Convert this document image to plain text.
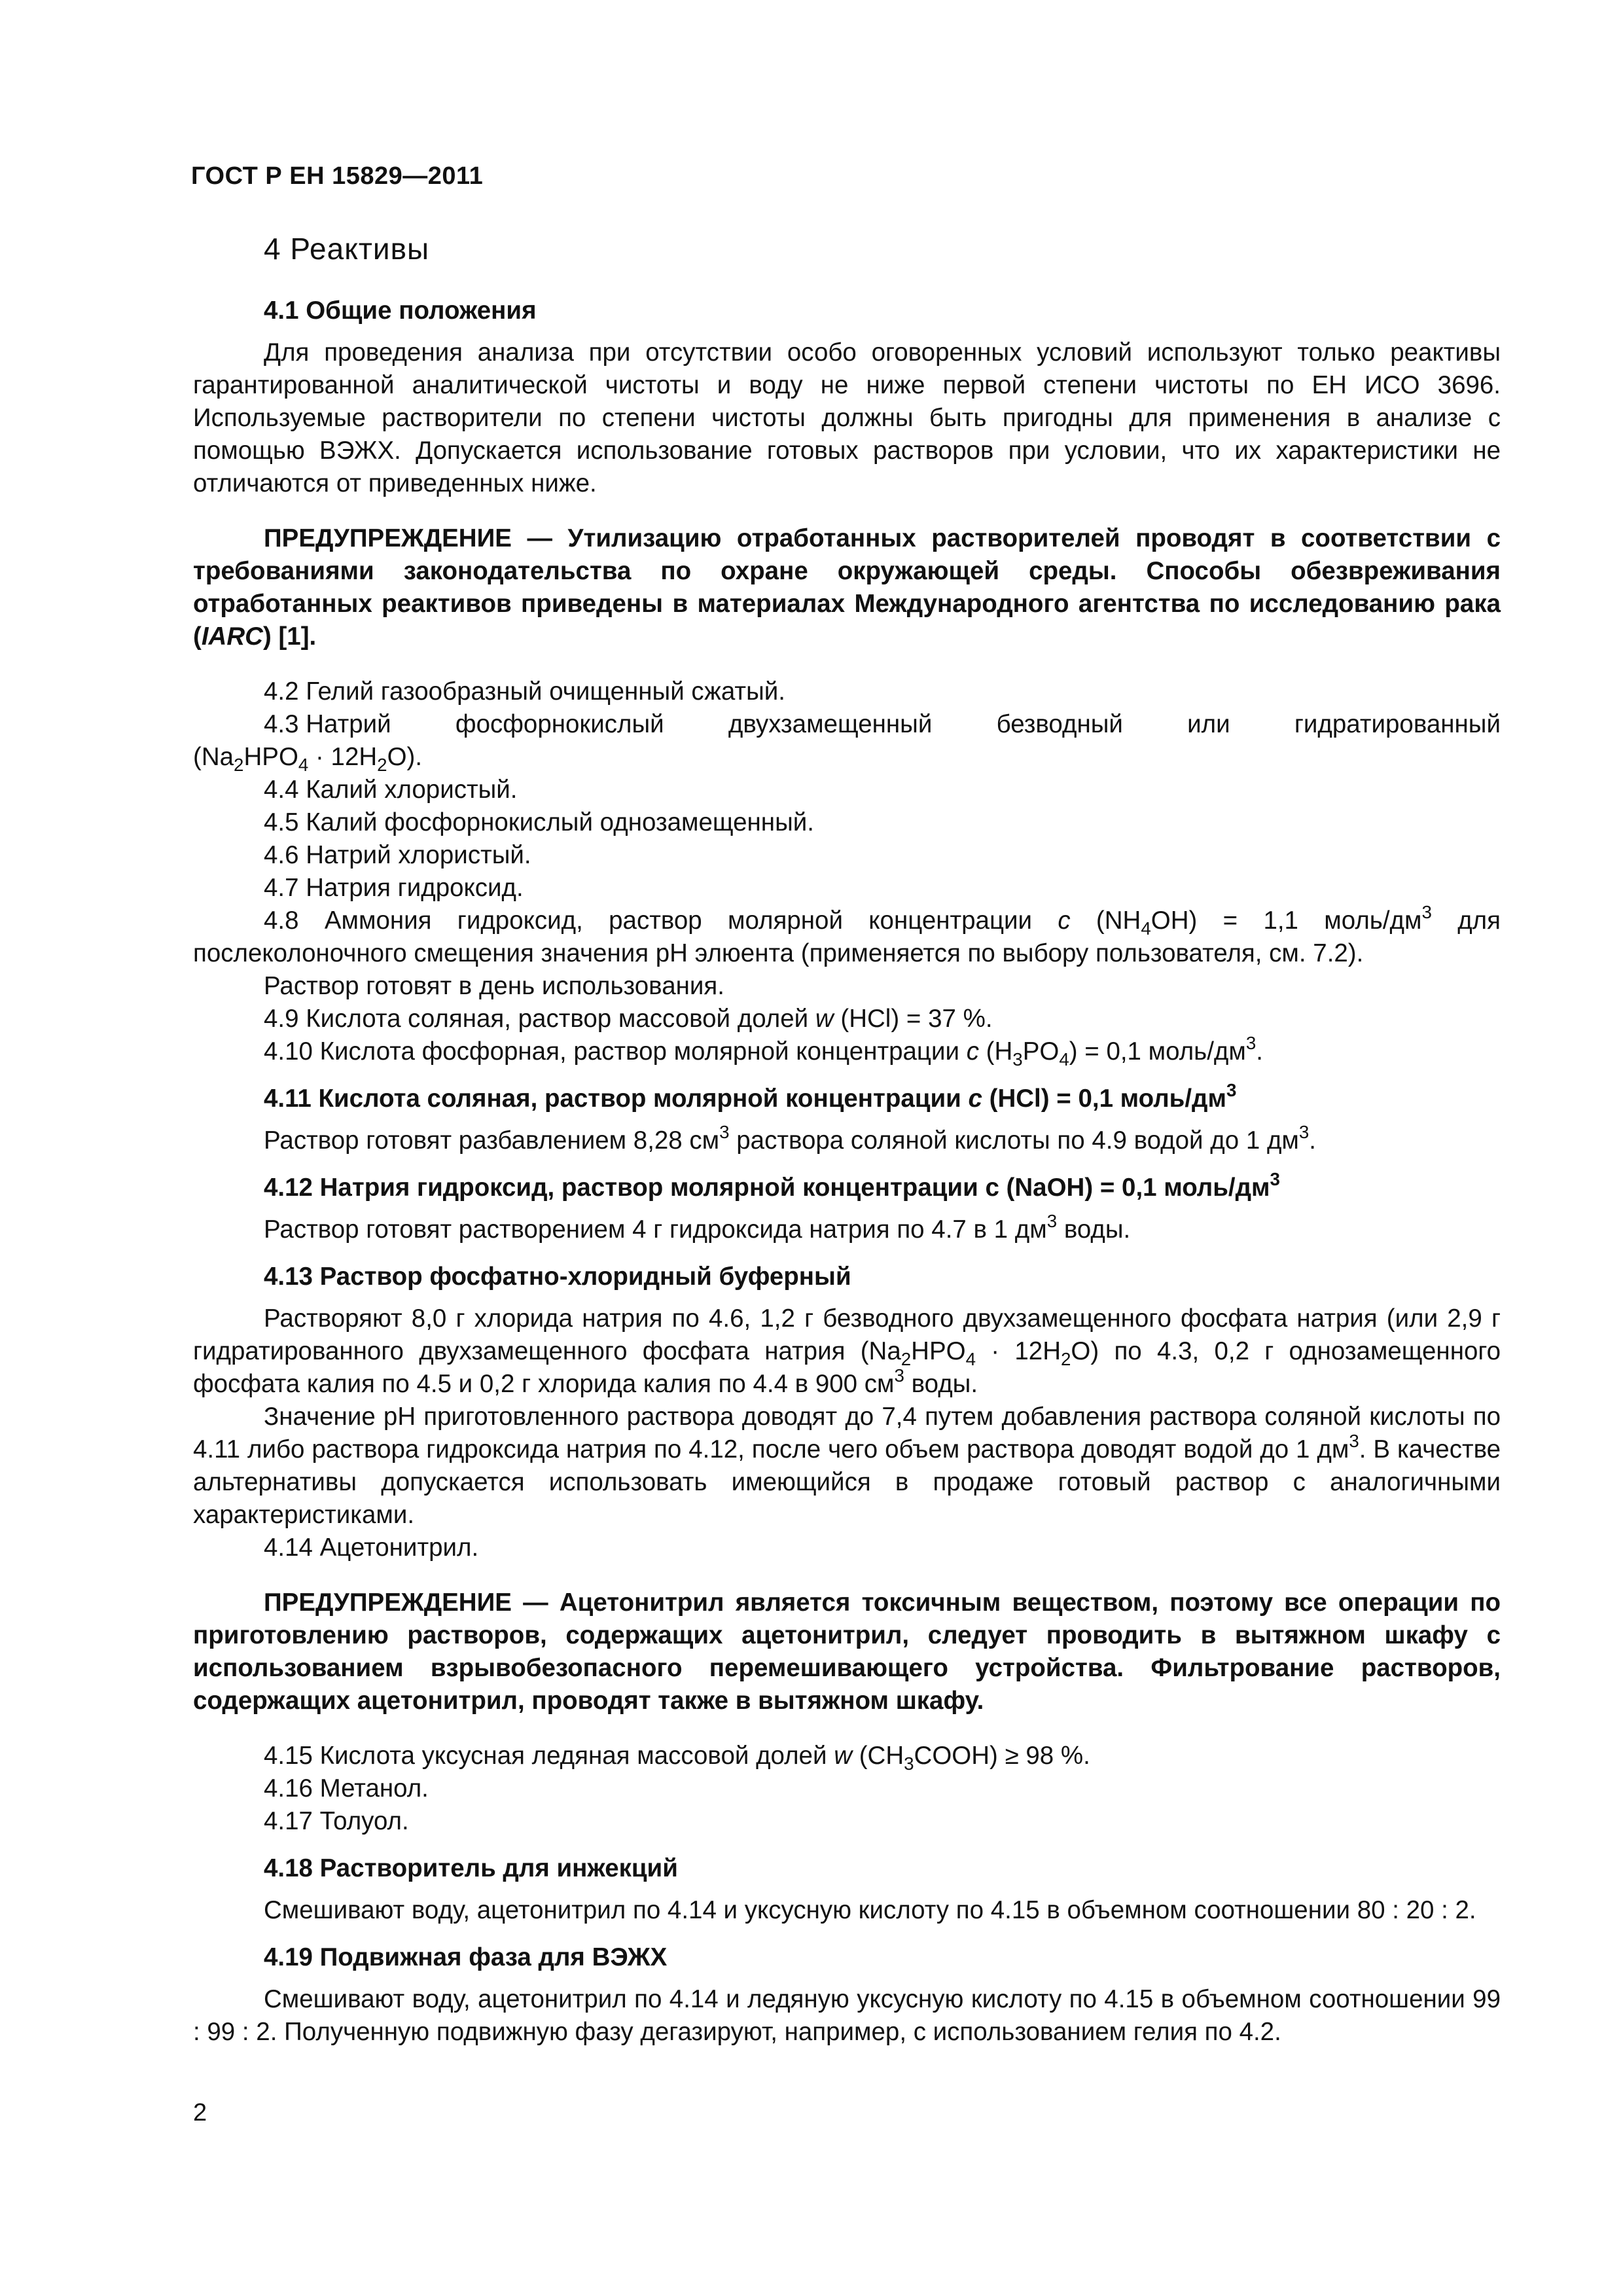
ГОСТ Р ЕН 15829—2011
4 Реактивы
4.1 Общие положения
Для проведения анализа при отсутствии особо оговоренных условий используют только реактивы гарантированной аналитической чистоты и воду не ниже первой степени чистоты по ЕН ИСО 3696. Используемые растворители по степени чистоты должны быть пригодны для применения в анализе с помощью ВЭЖХ. Допускается использование готовых растворов при условии, что их характеристики не отличаются от приведенных ниже.
ПРЕДУПРЕЖДЕНИЕ — Утилизацию отработанных растворителей проводят в соответствии с требованиями законодательства по охране окружающей среды. Способы обезвреживания отработанных реактивов приведены в материалах Международного агентства по исследованию рака (IARC) [1].
4.2 Гелий газообразный очищенный сжатый.
4.3 Натрий	фосфорнокислый	двухзамещенный	безводный	или	гидратированный
$(Na_2HPO_4 \cdot 12H_2O)$.
4.4 Калий хлористый.
4.5 Калий фосфорнокислый однозамещенный.
4.6 Натрий хлористый.
4.7 Натрия гидроксид.
4.8 Аммония гидроксид, раствор молярной концентрации c $(NH_4OH) = 1,1$ моль/$дм^3$ для послеколоночного смещения значения рН элюента (применяется по выбору пользователя, см. 7.2).
Раствор готовят в день использования.
4.9 Кислота соляная, раствор массовой долей w (HCl) = 37 %.
4.10 Кислота фосфорная, раствор молярной концентрации c $(H_3PO_4) = 0,1$ моль/$дм^3$.
4.11 Кислота соляная, раствор молярной концентрации c (HCl) = 0,1 моль/$дм^3$
Раствор готовят разбавлением 8,28 $см^3$ раствора соляной кислоты по 4.9 водой до 1 $дм^3$.
4.12 Натрия гидроксид, раствор молярной концентрации с (NaOH) = 0,1 моль/$дм^3$
Раствор готовят растворением 4 г гидроксида натрия по 4.7 в 1 $дм^3$ воды.
4.13 Раствор фосфатно-хлоридный буферный
Растворяют 8,0 г хлорида натрия по 4.6, 1,2 г безводного двухзамещенного фосфата натрия (или 2,9 г гидратированного двухзамещенного фосфата натрия $(Na_2HPO_4 \cdot 12H_2O)$ по 4.3, 0,2 г однозамещенного фосфата калия по 4.5 и 0,2 г хлорида калия по 4.4 в 900 $см^3$ воды.
Значение рН приготовленного раствора доводят до 7,4 путем добавления раствора соляной кислоты по 4.11 либо раствора гидроксида натрия по 4.12, после чего объем раствора доводят водой до 1 $дм^3$. В качестве альтернативы допускается использовать имеющийся в продаже готовый раствор с аналогичными характеристиками.
4.14 Ацетонитрил.
ПРЕДУПРЕЖДЕНИЕ — Ацетонитрил является токсичным веществом, поэтому все операции по приготовлению растворов, содержащих ацетонитрил, следует проводить в вытяжном шкафу с использованием взрывобезопасного перемешивающего устройства. Фильтрование растворов, содержащих ацетонитрил, проводят также в вытяжном шкафу.
4.15 Кислота уксусная ледяная массовой долей w $(CH_3COOH) \ge 98$ %.
4.16 Метанол.
4.17 Толуол.
4.18 Растворитель для инжекций
Смешивают воду, ацетонитрил по 4.14 и уксусную кислоту по 4.15 в объемном соотношении 80 : 20 : 2.
4.19 Подвижная фаза для ВЭЖХ
Смешивают воду, ацетонитрил по 4.14 и ледяную уксусную кислоту по 4.15 в объемном соотношении 99 : 99 : 2. Полученную подвижную фазу дегазируют, например, с использованием гелия по 4.2.
2
